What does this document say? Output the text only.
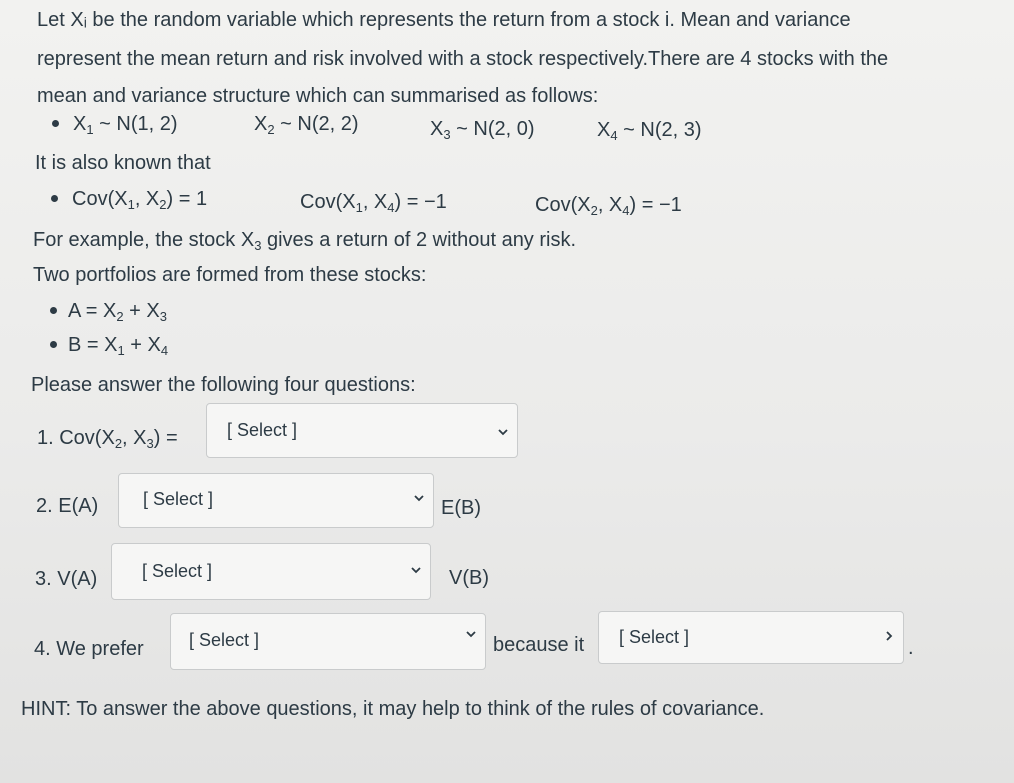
Let Xᵢ be the random variable which represents the return from a stock i. Mean and variance
represent the mean return and risk involved with a stock respectively.There are 4 stocks with the
mean and variance structure which can summarised as follows:
$X_1$ ~ N(1, 2)	$X_2$ ~ N(2, 2)	$X_3$ ~ N(2, 0)	$X_4$ ~ N(2, 3)
It is also known that
$Cov(X_1$, $X_2) = 1$	$Cov(X_1$, $X_4) = -1$	$Cov(X_2$, $X_4) = -1$
For example, the stock $X_3$ gives a return of 2 without any risk.
Two portfolios are formed from these stocks:
$A = X_2 + X_3$
$B = X_1 + X_4$
Please answer the following four questions:
1. $Cov(X_2$, $X_3$) =	[ Select ]
2. E(A) [ Select ]	E(B)
3. V(A) [ Select ]	V(B)
4. We prefer	[ Select ]	because it [ Select ]	.
HINT: To answer the above questions, it may help to think of the rules of covariance.
